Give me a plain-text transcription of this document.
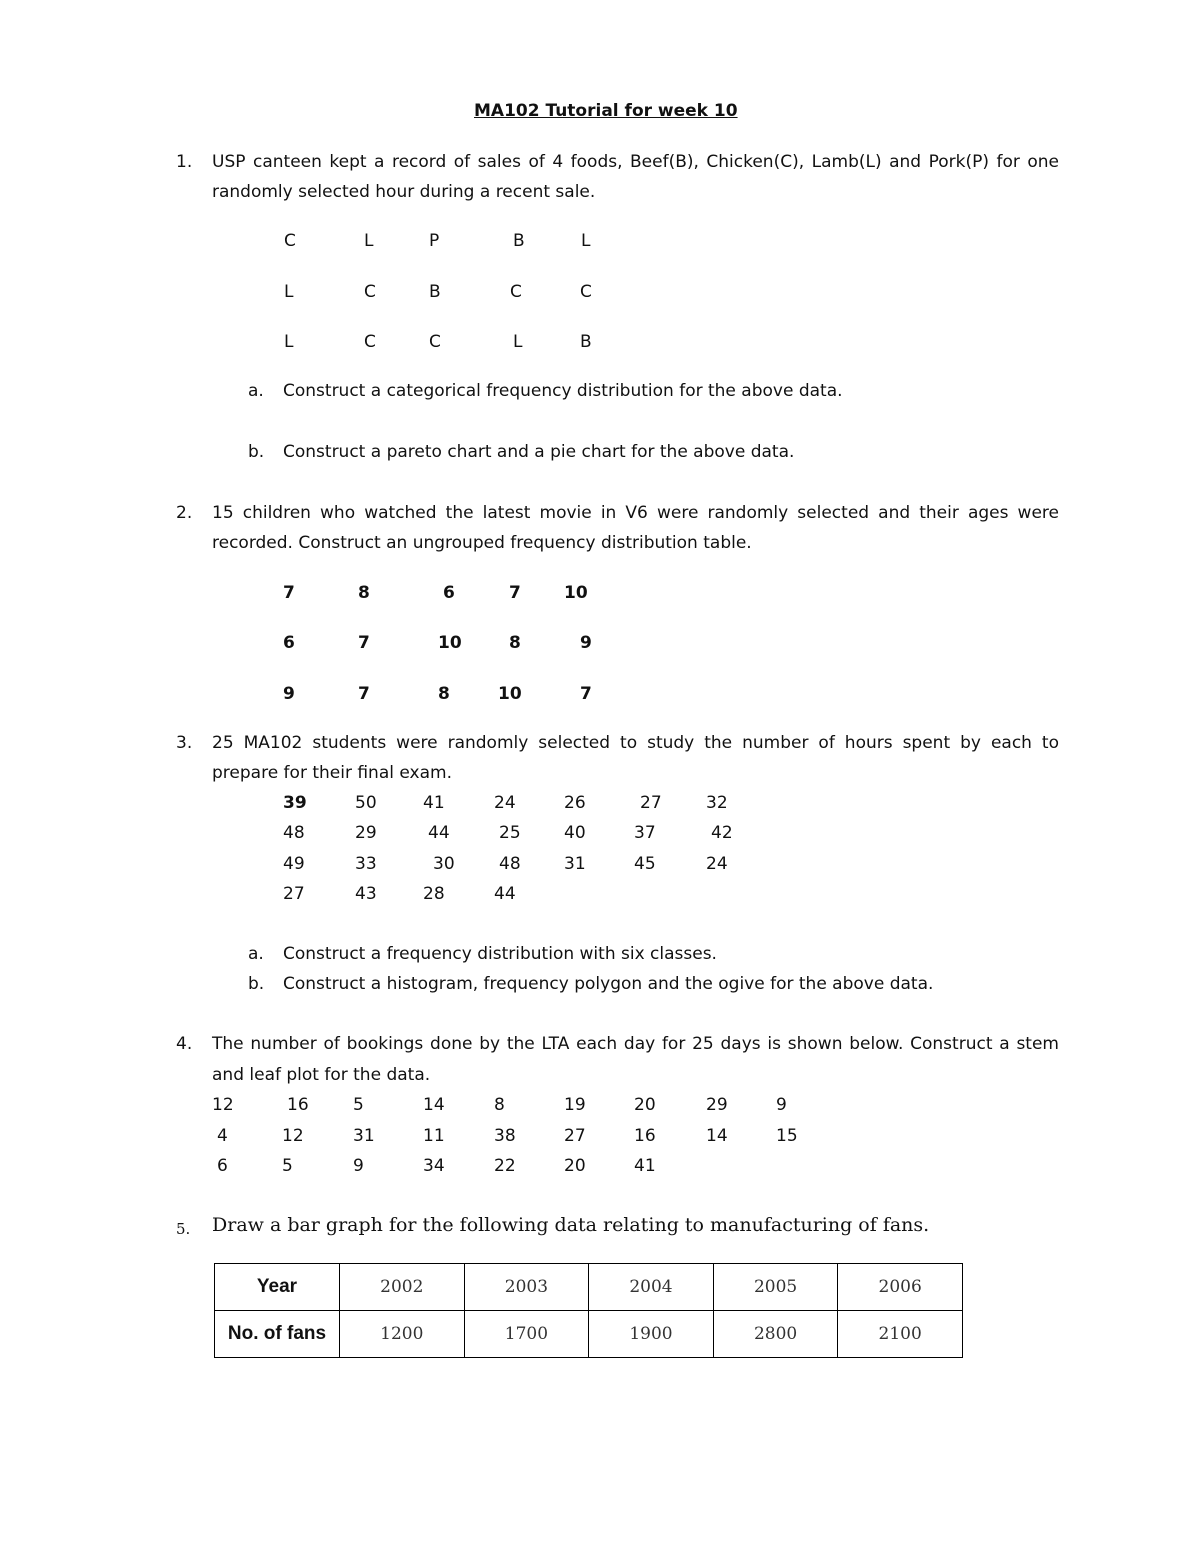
MA102 Tutorial for week 10
1. USP canteen kept a record of sales of 4 foods, Beef(B), Chicken(C), Lamb(L) and Pork(P) for one
randomly selected hour during a recent sale.
C	L	P	B	L
L	C	B	C	C
L	C	C	L	B
a. Construct a categorical frequency distribution for the above data.
b. Construct a pareto chart and a pie chart for the above data.
2. 15 children who watched the latest movie in V6 were randomly selected and their ages were
recorded. Construct an ungrouped frequency distribution table.
7	8	6	7	10
6	7	10	8	9
9	7	8	10	7
3. 25 MA102 students were randomly selected to study the number of hours spent by each to
prepare for their final exam.
39	50	41	24	26	27	32
48	29	44	25	40	37	42
49	33	30	48	31	45	24
27	43	28	44
a. Construct a frequency distribution with six classes.
b. Construct a histogram, frequency polygon and the ogive for the above data.
4. The number of bookings done by the LTA each day for 25 days is shown below. Construct a stem
and leaf plot for the data.
12	16	5	14	8	19	20	29	9
4	12	31	11	38	27	16	14	15
6	5	9	34	22	20	41
5. Draw a bar graph for the following data relating to manufacturing of fans.
Year	2002	2003	2004	2005	2006
No. of fans	1200	1700	1900	2800	2100
